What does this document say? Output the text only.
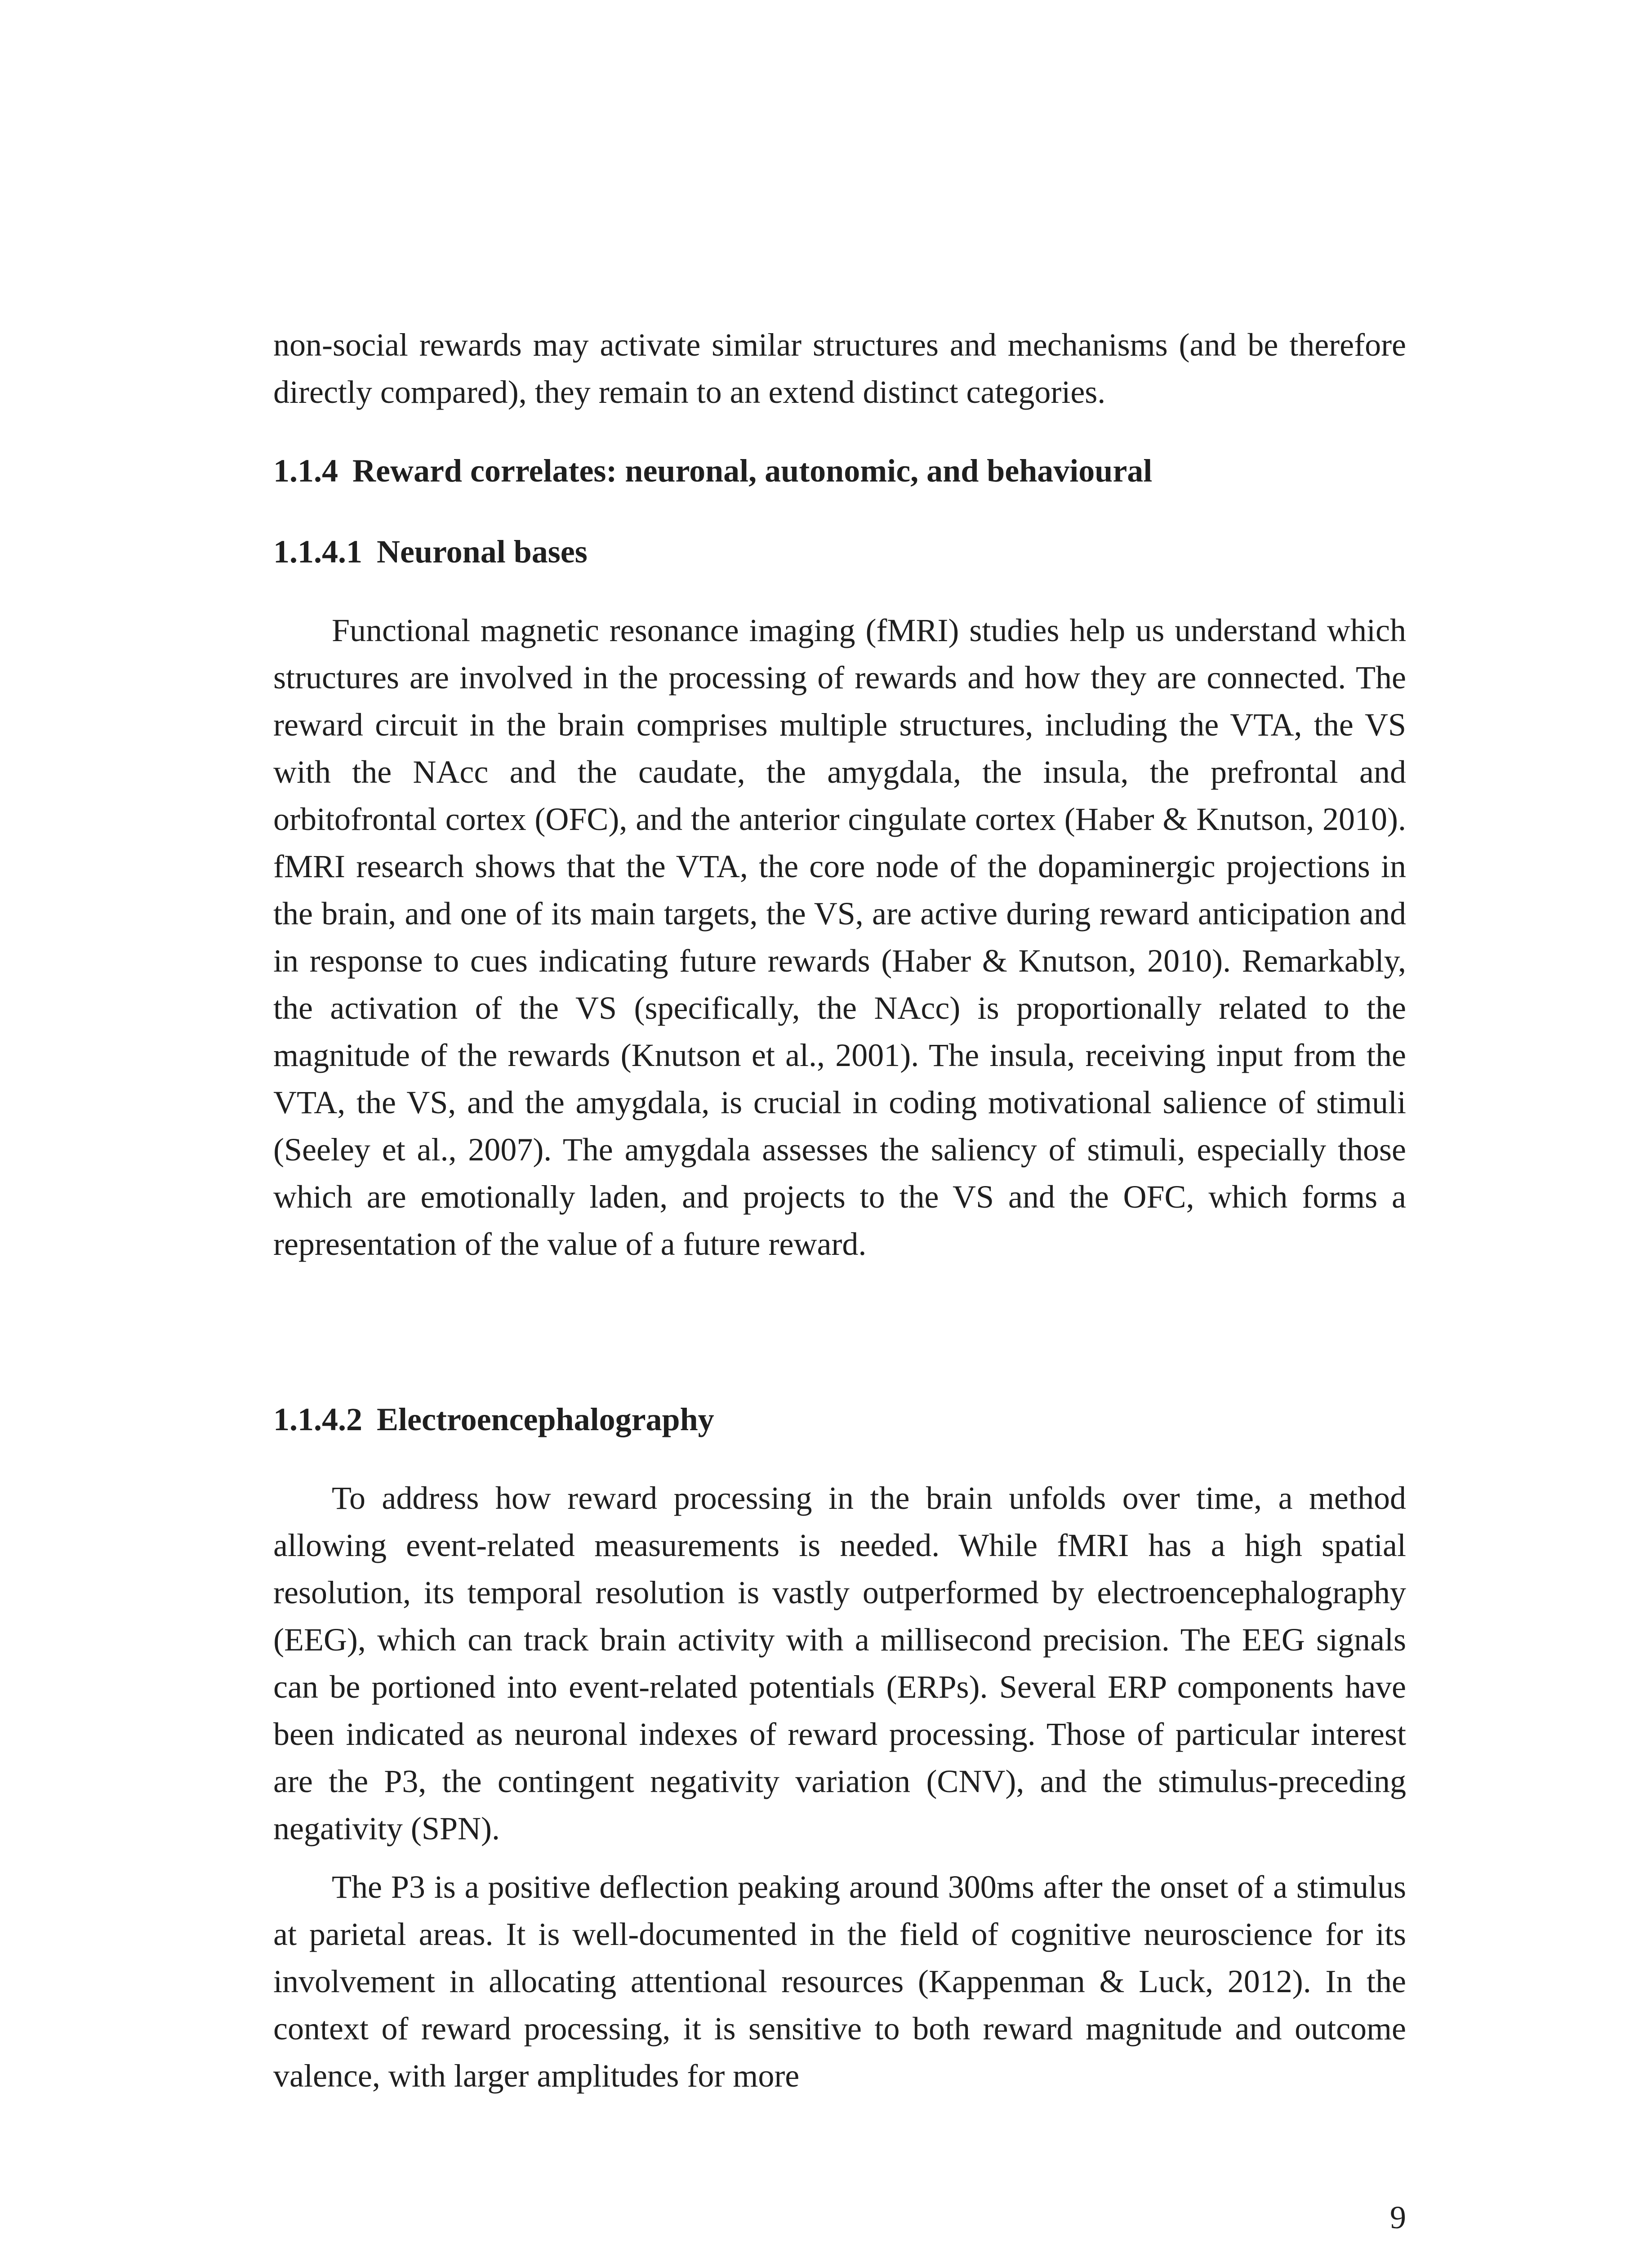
non-social rewards may activate similar structures and mechanisms (and be therefore directly compared), they remain to an extend distinct categories.

1.1.4 Reward correlates: neuronal, autonomic, and behavioural
1.1.4.1 Neuronal bases

Functional magnetic resonance imaging (fMRI) studies help us understand which structures are involved in the processing of rewards and how they are connected. The reward circuit in the brain comprises multiple structures, including the VTA, the VS with the NAcc and the caudate, the amygdala, the insula, the prefrontal and orbitofrontal cortex (OFC), and the anterior cingulate cortex (Haber & Knutson, 2010). fMRI research shows that the VTA, the core node of the dopaminergic projections in the brain, and one of its main targets, the VS, are active during reward anticipation and in response to cues indicating future rewards (Haber & Knutson, 2010). Remarkably, the activation of the VS (specifically, the NAcc) is proportionally related to the magnitude of the rewards (Knutson et al., 2001). The insula, receiving input from the VTA, the VS, and the amygdala, is crucial in coding motivational salience of stimuli (Seeley et al., 2007). The amygdala assesses the saliency of stimuli, especially those which are emotionally laden, and projects to the VS and the OFC, which forms a representation of the value of a future reward.

1.1.4.2 Electroencephalography

To address how reward processing in the brain unfolds over time, a method allowing event-related measurements is needed. While fMRI has a high spatial resolution, its temporal resolution is vastly outperformed by electroencephalography (EEG), which can track brain activity with a millisecond precision. The EEG signals can be portioned into event-related potentials (ERPs). Several ERP components have been indicated as neuronal indexes of reward processing. Those of particular interest are the P3, the contingent negativity variation (CNV), and the stimulus-preceding negativity (SPN).

The P3 is a positive deflection peaking around 300ms after the onset of a stimulus at parietal areas. It is well-documented in the field of cognitive neuroscience for its involvement in allocating attentional resources (Kappenman & Luck, 2012). In the context of reward processing, it is sensitive to both reward magnitude and outcome valence, with larger amplitudes for more

9
